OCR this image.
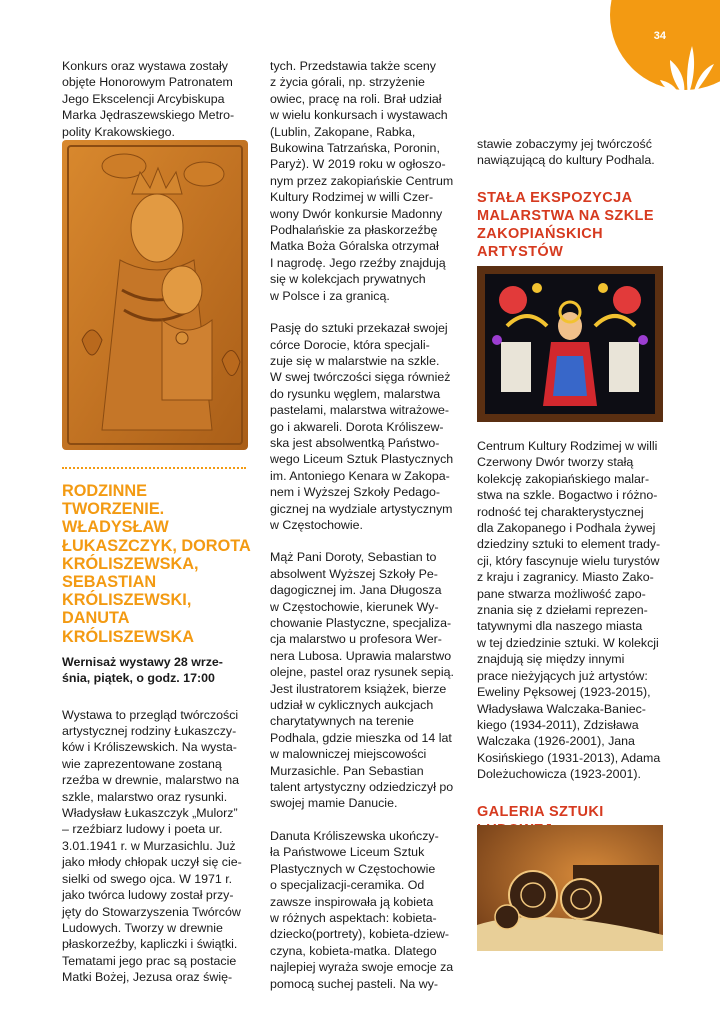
34

Konkurs oraz wystawa zostały
objęte Honorowym Patronatem
Jego Ekscelencji Arcybiskupa
Marka Jędraszewskiego Metro-
polity Krakowskiego.

RODZINNE
TWORZENIE.
WŁADYSŁAW
ŁUKASZCZYK, DOROTA
KRÓLISZEWSKA,
SEBASTIAN
KRÓLISZEWSKI,
DANUTA
KRÓLISZEWSKA

Wernisaż wystawy 28 wrze-
śnia, piątek, o godz. 17:00

Wystawa to przegląd twórczości
artystycznej rodziny Łukaszczy-
ków i Króliszewskich. Na wysta-
wie zaprezentowane zostaną
rzeźba w drewnie, malarstwo na
szkle, malarstwo oraz rysunki.
Władysław Łukaszczyk „Mulorz”
– rzeźbiarz ludowy i poeta ur.
3.01.1941 r. w Murzasichlu. Już
jako młody chłopak uczył się cie-
sielki od swego ojca. W 1971 r.
jako twórca ludowy został przy-
jęty do Stowarzyszenia Twórców
Ludowych. Tworzy w drewnie
płaskorzeźby, kapliczki i świątki.
Tematami jego prac są postacie
Matki Bożej, Jezusa oraz świę-

tych. Przedstawia także sceny
z życia górali, np. strzyżenie
owiec, pracę na roli. Brał udział
w wielu konkursach i wystawach
(Lublin, Zakopane, Rabka,
Bukowina Tatrzańska, Poronin,
Paryż). W 2019 roku w ogłoszo-
nym przez zakopiańskie Centrum
Kultury Rodzimej w willi Czer-
wony Dwór konkursie Madonny
Podhalańskie za płaskorzeźbę
Matka Boża Góralska otrzymał
I nagrodę. Jego rzeźby znajdują
się w kolekcjach prywatnych
w Polsce i za granicą.

Pasję do sztuki przekazał swojej
córce Dorocie, która specjali-
zuje się w malarstwie na szkle.
W swej twórczości sięga również
do rysunku węglem, malarstwa
pastelami, malarstwa witrażowe-
go i akwareli. Dorota Króliszew-
ska jest absolwentką Państwo-
wego Liceum Sztuk Plastycznych
im. Antoniego Kenara w Zakopa-
nem i Wyższej Szkoły Pedago-
gicznej na wydziale artystycznym
w Częstochowie.

Mąż Pani Doroty, Sebastian to
absolwent Wyższej Szkoły Pe-
dagogicznej im. Jana Długosza
w Częstochowie, kierunek Wy-
chowanie Plastyczne, specjaliza-
cja malarstwo u profesora Wer-
nera Lubosa. Uprawia malarstwo
olejne, pastel oraz rysunek sepią.
Jest ilustratorem książek, bierze
udział w cyklicznych aukcjach
charytatywnych na terenie
Podhala, gdzie mieszka od 14 lat
w malowniczej miejscowości
Murzasichle. Pan Sebastian
talent artystyczny odziedziczył po
swojej mamie Danucie.

Danuta Króliszewska ukończy-
ła Państwowe Liceum Sztuk
Plastycznych w Częstochowie
o specjalizacji-ceramika. Od
zawsze inspirowała ją kobieta
w różnych aspektach: kobieta-
dziecko(portrety), kobieta-dziew-
czyna, kobieta-matka. Dlatego
najlepiej wyraża swoje emocje za
pomocą suchej pasteli. Na wy-

stawie zobaczymy jej twórczość
nawiązującą do kultury Podhala.

STAŁA EKSPOZYCJA
MALARSTWA NA SZKLE
ZAKOPIAŃSKICH
ARTYSTÓW

Centrum Kultury Rodzimej w willi
Czerwony Dwór tworzy stałą
kolekcję zakopiańskiego malar-
stwa na szkle. Bogactwo i różno-
rodność tej charakterystycznej
dla Zakopanego i Podhala żywej
dziedziny sztuki to element trady-
cji, który fascynuje wielu turystów
z kraju i zagranicy. Miasto Zako-
pane stwarza możliwość zapo-
znania się z dziełami reprezen-
tatywnymi dla naszego miasta
w tej dziedzinie sztuki. W kolekcji
znajdują się między innymi
prace nieżyjących już artystów:
Eweliny Pęksowej (1923-2015),
Władysława Walczaka-Baniec-
kiego (1934-2011), Zdzisława
Walczaka (1926-2001), Jana
Kosińskiego (1931-2013), Adama
Doleżuchowicza (1923-2001).

GALERIA SZTUKI
